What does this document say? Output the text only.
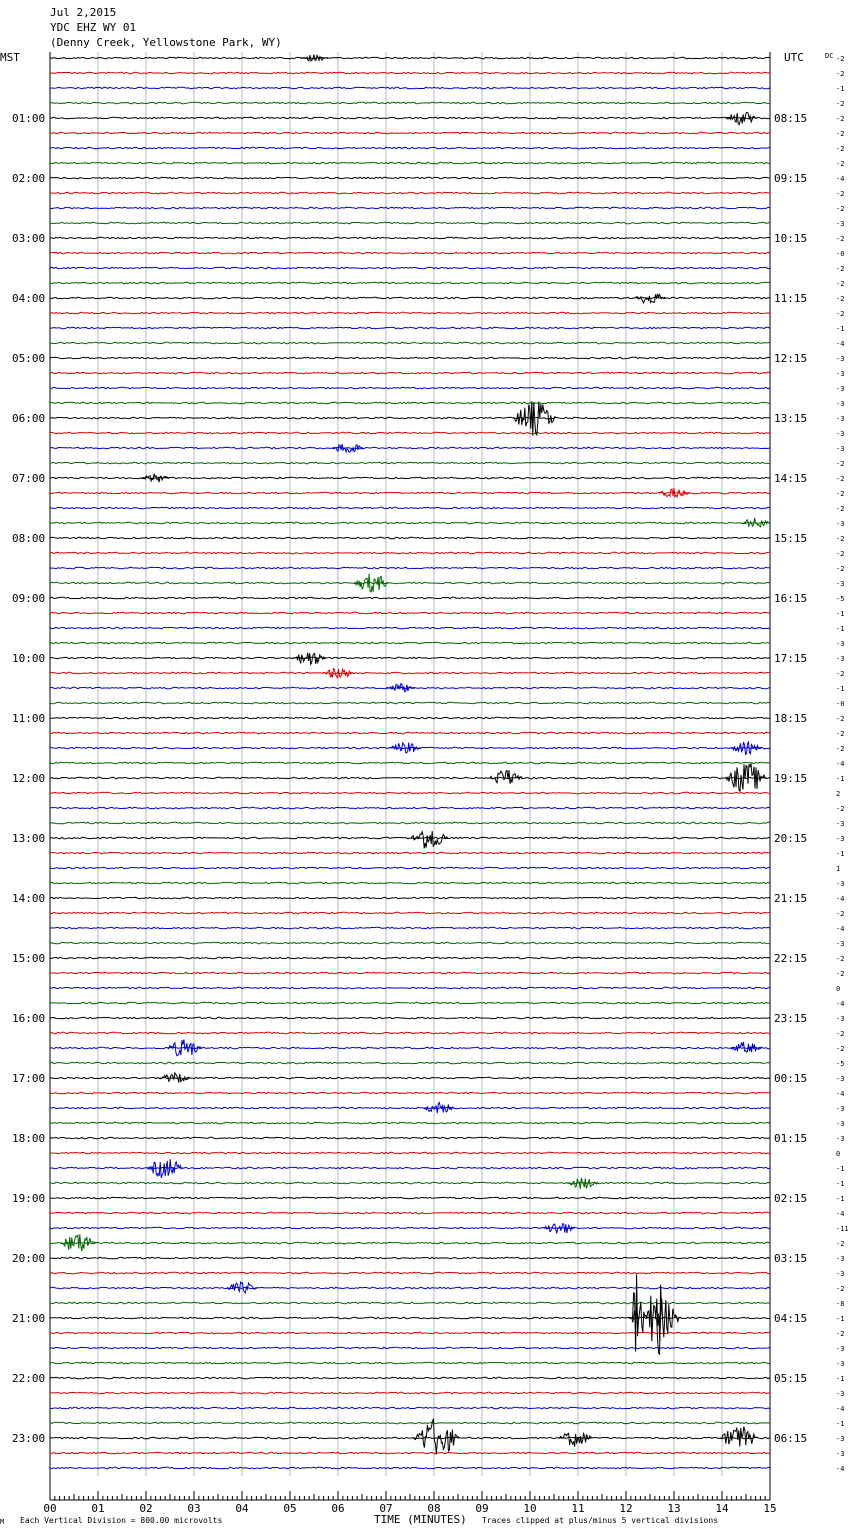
Jul 2,2015
YDC EHZ WY 01
(Denny Creek, Yellowstone Park, WY)
MST	UTC	DC
01:00
02:00
03:00
04:00
05:00
06:00
07:00
08:00
09:00
10:00
11:00
12:00
13:00
14:00
15:00
16:00
17:00
18:00
19:00
20:00
21:00
22:00
23:00
08:15
09:15
10:15
11:15
12:15
13:15
14:15
15:15
16:15
17:15
18:15
19:15
20:15
21:15
22:15
23:15
00:15
01:15
02:15
03:15
04:15
05:15
06:15
-2
-2
-1
-2
-2
-2
-2
-2
-4
-2
-2
-3
-2
-0
-2
-2
-2
-2
-1
-4
-3
-3
-3
-3
-3
-3
-3
-2
-2
-2
-2
-3
-2
-2
-2
-3
-5
-1
-1
-3
-3
-2
-1
-0
-2
-2
-2
-4
-1
2
-2
-3
-3
-1
1
-3
-4
-2
-4
-3
-2
-2
0
-4
-3
-2
-2
-5
-3
-4
-3
-3
-3
0
-1
-1
-1
-4
-11
-2
-3
-3
-2
-8
-1
-2
-3
-3
-1
-3
-4
-1
-3
-3
-4
00	01	02	03	04	05	06	07	08	09	10	11	12	13	14	15
M Each Vertical Division = 800.00 microvolts	TIME (MINUTES) Traces clipped at plus/minus 5 vertical divisions
